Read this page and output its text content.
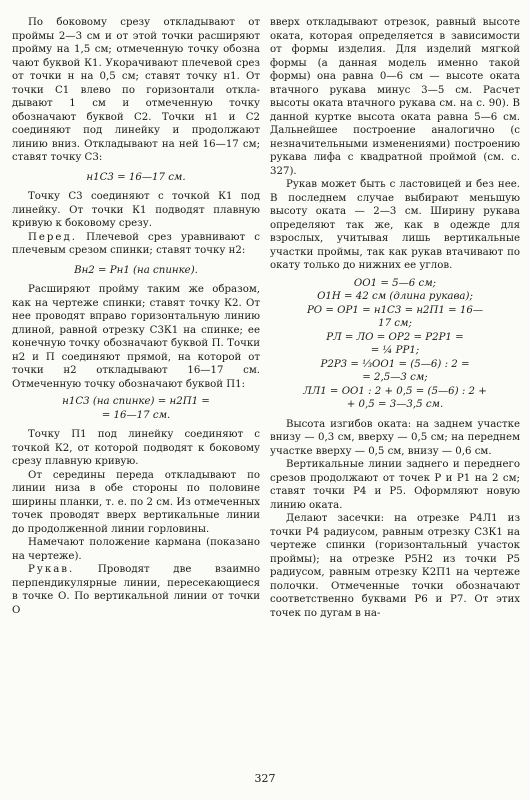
По боковому срезу откладывают от проймы 2—3 см и от этой точки расширяют пройму на 1,5 см; отмеченную точку обозна чают буквой К1. Укорачивают плечевой срез от точки н на 0,5 см; ставят точку н1. От точки С1 влево по горизонтали откла-дывают 1 см и отмеченную точку обозначают буквой С2. Точки н1 и С2 соединяют под линейку и продолжают линию вниз. Откладывают на ней 16—17 см; ставят точку С3:

н1С3 = 16—17 см.

Точку С3 соединяют с точкой К1 под линейку. От точки К1 подводят плавную кривую к боковому срезу.

Перед. Плечевой срез уравнивают с плечевым срезом спинки; ставят точку н2:

Вн2 = Рн1 (на спинке).

Расширяют пройму таким же образом, как на чертеже спинки; ставят точку К2. От нее проводят вправо горизонтальную линию длиной, равной отрезку С3К1 на спинке; ее конечную точку обозначают буквой П. Точки н2 и П соединяют прямой, на которой от точки н2 откладывают 16—17 см. Отмеченную точку обозначают буквой П1:

н1С3 (на спинке) = н2П1 =
= 16—17 см.

Точку П1 под линейку соединяют с точкой К2, от которой подводят к боковому срезу плавную кривую.

От середины переда откладывают по линии низа в обе стороны по половине ширины планки, т. е. по 2 см. Из отмеченных точек проводят вверх вертикальные линии до продолженной линии горловины.

Намечают положение кармана (показано на чертеже).

Рукав. Проводят две взаимно перпендикулярные линии, пересекающиеся в точке О. По вертикальной линии от точки О

вверх откладывают отрезок, равный высоте оката, которая определяется в зависимости от формы изделия. Для изделий мягкой формы (а данная модель именно такой формы) она равна 0—6 см — высоте оката втачного рукава минус 3—5 см. Расчет высоты оката втачного рукава см. на с. 90). В данной куртке высота оката равна 5—6 см. Дальнейшее построение аналогично (с незначительными изменениями) построению рукава лифа с квадратной проймой (см. с. 327).

Рукав может быть с ластовицей и без нее. В последнем случае выбирают меньшую высоту оката — 2—3 см. Ширину рукава определяют так же, как в одежде для взрослых, учитывая лишь вертикальные участки проймы, так как рукав втачивают по окату только до нижних ее углов.

ОО1 = 5—6 см;
О1Н = 42 см (длина рукава);
РО = ОР1 = н1С3 = н2П1 = 16—
17 см;
РЛ = ЛО = ОР2 = Р2Р1 =
= ¼ РР1;
Р2Р3 = ⅓ОО1 = (5—6) : 2 =
= 2,5—3 см;
ЛЛ1 = ОО1 : 2 + 0,5 = (5—6) : 2 +
+ 0,5 = 3—3,5 см.

Высота изгибов оката: на заднем участке внизу — 0,3 см, вверху — 0,5 см; на переднем участке вверху — 0,5 см, внизу — 0,6 см.

Вертикальные линии заднего и переднего срезов продолжают от точек Р и Р1 на 2 см; ставят точки Р4 и Р5. Оформляют новую линию оката.

Делают засечки: на отрезке Р4Л1 из точки Р4 радиусом, равным отрезку С3К1 на чертеже спинки (горизонтальный участок проймы); на отрезке Р5Н2 из точки Р5 радиусом, равным отрезку К2П1 на чертеже полочки. Отмеченные точки обозначают соответственно буквами Р6 и Р7. От этих точек по дугам в на-

327
